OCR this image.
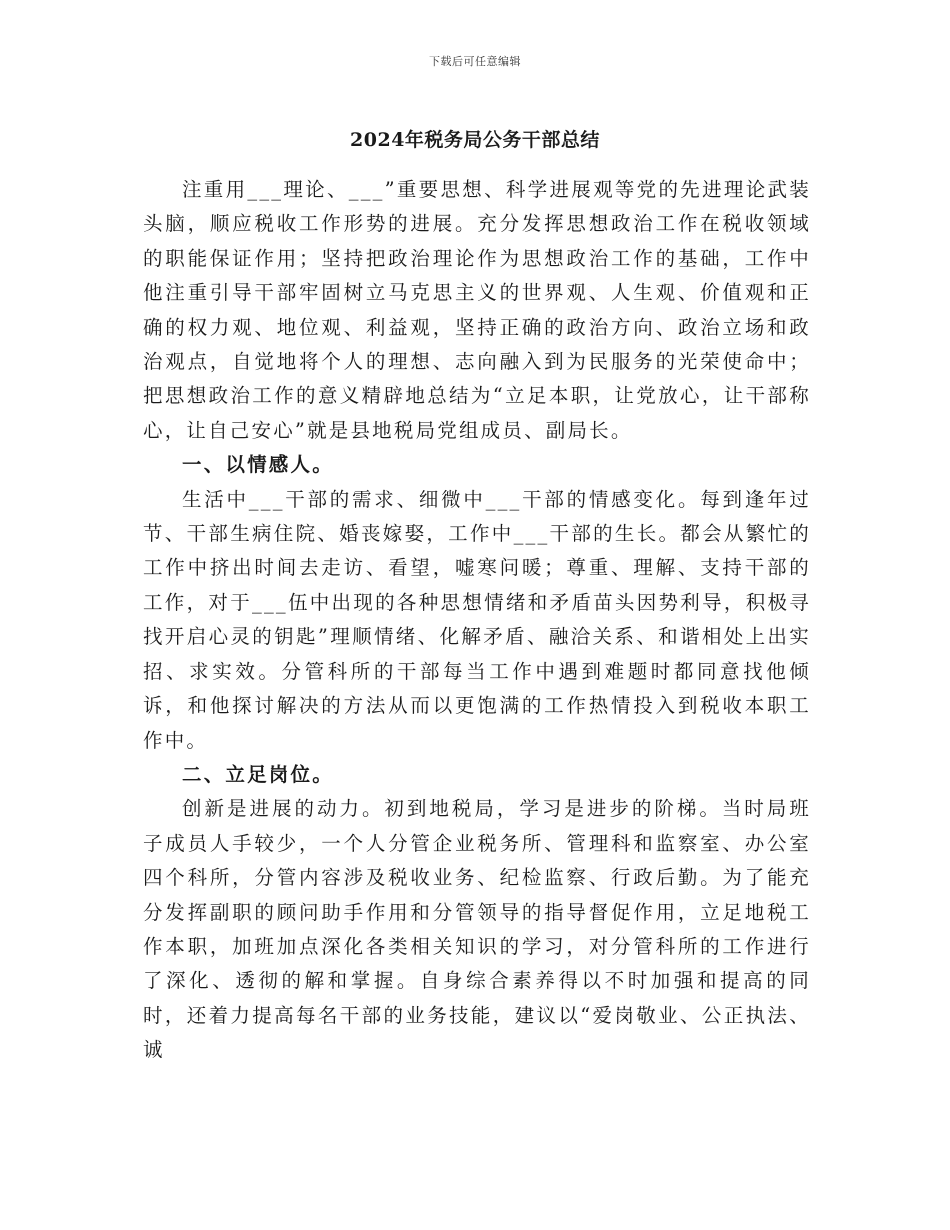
下载后可任意编辑
2024年税务局公务干部总结

注重用___理论、___”重要思想、科学进展观等党的先进理论武装头脑，顺应税收工作形势的进展。充分发挥思想政治工作在税收领域的职能保证作用；坚持把政治理论作为思想政治工作的基础，工作中他注重引导干部牢固树立马克思主义的世界观、人生观、价值观和正确的权力观、地位观、利益观，坚持正确的政治方向、政治立场和政治观点，自觉地将个人的理想、志向融入到为民服务的光荣使命中；把思想政治工作的意义精辟地总结为“立足本职，让党放心，让干部称心，让自己安心”就是县地税局党组成员、副局长。

一、以情感人。

生活中___干部的需求、细微中___干部的情感变化。每到逢年过节、干部生病住院、婚丧嫁娶，工作中___干部的生长。都会从繁忙的工作中挤出时间去走访、看望，嘘寒问暖；尊重、理解、支持干部的工作，对于___伍中出现的各种思想情绪和矛盾苗头因势利导，积极寻找开启心灵的钥匙”理顺情绪、化解矛盾、融洽关系、和谐相处上出实招、求实效。分管科所的干部每当工作中遇到难题时都同意找他倾诉，和他探讨解决的方法从而以更饱满的工作热情投入到税收本职工作中。

二、立足岗位。

创新是进展的动力。初到地税局，学习是进步的阶梯。当时局班子成员人手较少，一个人分管企业税务所、管理科和监察室、办公室四个科所，分管内容涉及税收业务、纪检监察、行政后勤。为了能充分发挥副职的顾问助手作用和分管领导的指导督促作用，立足地税工作本职，加班加点深化各类相关知识的学习，对分管科所的工作进行了深化、透彻的解和掌握。自身综合素养得以不时加强和提高的同时，还着力提高每名干部的业务技能，建议以“爱岗敬业、公正执法、诚
